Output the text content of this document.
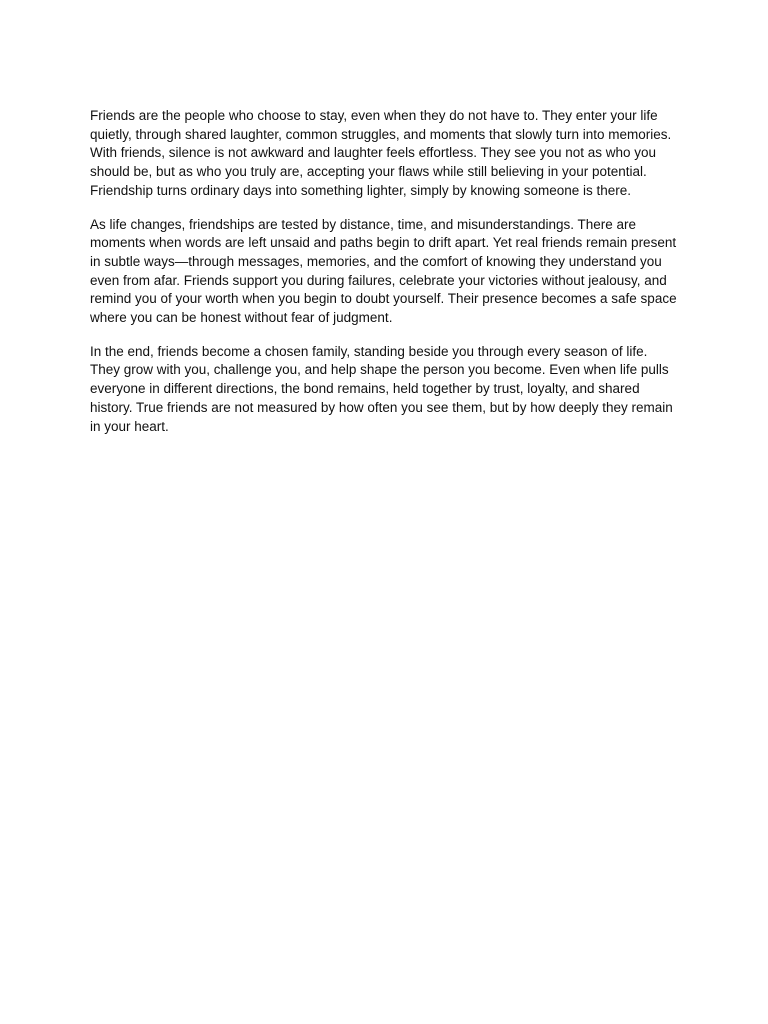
Friends are the people who choose to stay, even when they do not have to. They enter your life quietly, through shared laughter, common struggles, and moments that slowly turn into memories. With friends, silence is not awkward and laughter feels effortless. They see you not as who you should be, but as who you truly are, accepting your flaws while still believing in your potential. Friendship turns ordinary days into something lighter, simply by knowing someone is there.

As life changes, friendships are tested by distance, time, and misunderstandings. There are moments when words are left unsaid and paths begin to drift apart. Yet real friends remain present in subtle ways—through messages, memories, and the comfort of knowing they understand you even from afar. Friends support you during failures, celebrate your victories without jealousy, and remind you of your worth when you begin to doubt yourself. Their presence becomes a safe space where you can be honest without fear of judgment.

In the end, friends become a chosen family, standing beside you through every season of life. They grow with you, challenge you, and help shape the person you become. Even when life pulls everyone in different directions, the bond remains, held together by trust, loyalty, and shared history. True friends are not measured by how often you see them, but by how deeply they remain in your heart.
